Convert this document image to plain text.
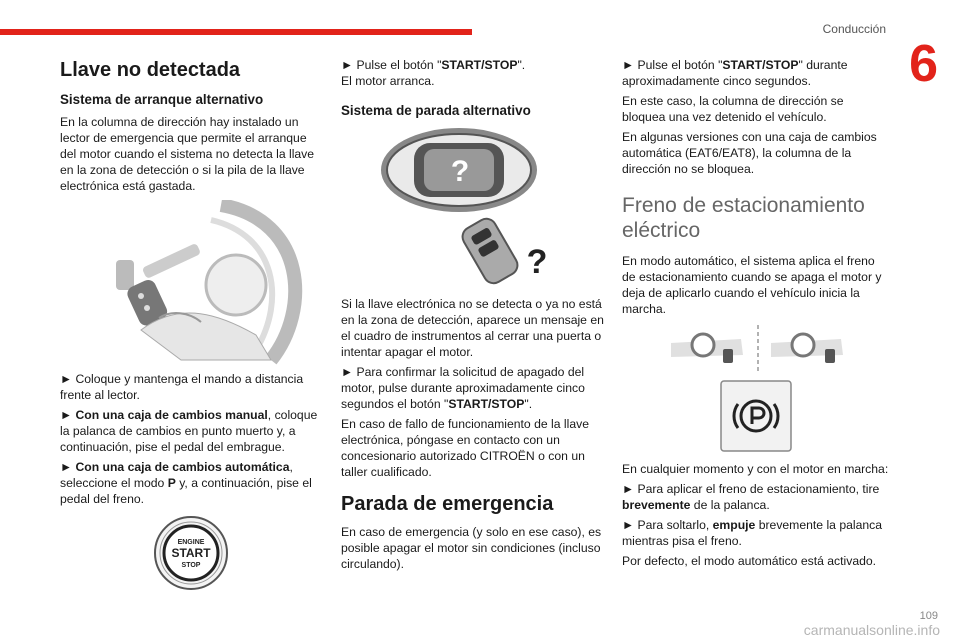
Conducción
6
Llave no detectada
Sistema de arranque alternativo

En la columna de dirección hay instalado un lector de emergencia que permite el arranque del motor cuando el sistema no detecta la llave en la zona de detección o si la pila de la llave electrónica está gastada.

► Coloque y mantenga el mando a distancia frente al lector.

► Con una caja de cambios manual, coloque la palanca de cambios en punto muerto y, a continuación, pise el pedal del embrague.

► Con una caja de cambios automática, seleccione el modo P y, a continuación, pise el pedal del freno.

ENGINE
START
STOP

► Pulse el botón "START/STOP".
El motor arranca.

Sistema de parada alternativo
?
?

Si la llave electrónica no se detecta o ya no está en la zona de detección, aparece un mensaje en el cuadro de instrumentos al cerrar una puerta o intentar apagar el motor.

► Para confirmar la solicitud de apagado del motor, pulse durante aproximadamente cinco segundos el botón "START/STOP".

En caso de fallo de funcionamiento de la llave electrónica, póngase en contacto con un concesionario autorizado CITROËN o con un taller cualificado.

Parada de emergencia

En caso de emergencia (y solo en ese caso), es posible apagar el motor sin condiciones (incluso circulando).

► Pulse el botón "START/STOP" durante aproximadamente cinco segundos.

En este caso, la columna de dirección se bloquea una vez detenido el vehículo.

En algunas versiones con una caja de cambios automática (EAT6/EAT8), la columna de la dirección no se bloquea.

Freno de estacionamiento eléctrico

En modo automático, el sistema aplica el freno de estacionamiento cuando se apaga el motor y deja de aplicarlo cuando el vehículo inicia la marcha.

En cualquier momento y con el motor en marcha:

► Para aplicar el freno de estacionamiento, tire brevemente de la palanca.

► Para soltarlo, empuje brevemente la palanca mientras pisa el freno.

Por defecto, el modo automático está activado.

109
carmanualsonline.info
